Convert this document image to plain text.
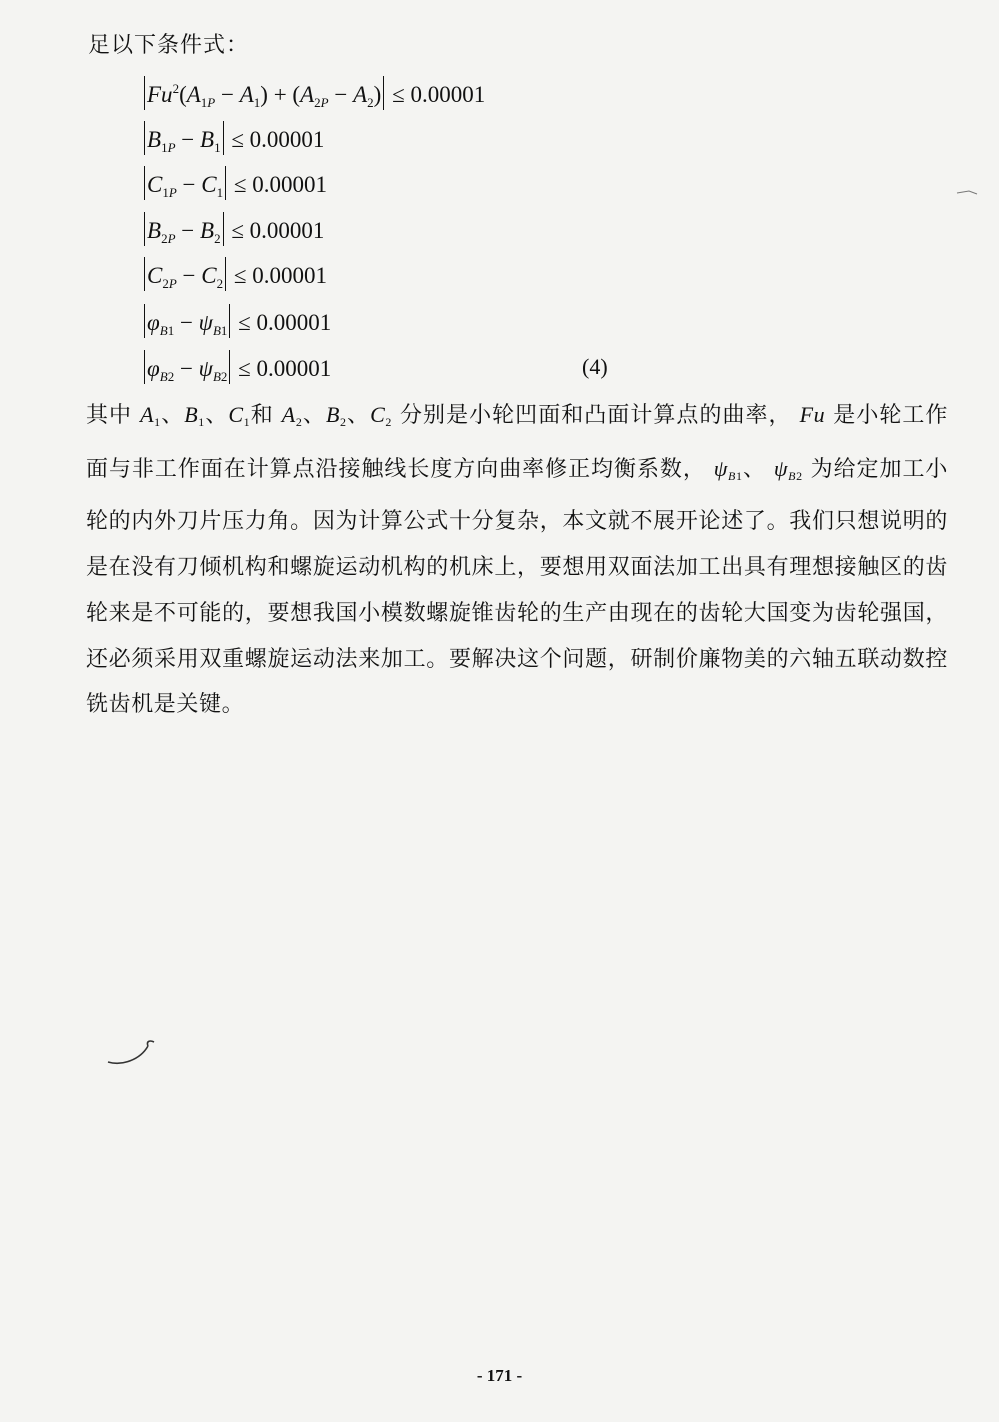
足以下条件式：
$Fu^2(A_{1P} - A_1) + (A_{2P} - A_2) \le 0.00001$
$B_{1P} - B_1 \le 0.00001$
$C_{1P} - C_1 \le 0.00001$
$B_{2P} - B_2 \le 0.00001$
$C_{2P} - C_2 \le 0.00001$
$\varphi_{B1} - \psi_{B1} \le 0.00001$
$\varphi_{B2} - \psi_{B2} \le 0.00001$	(4)
其中 $A_1$、$B_1$、$C_1$和 $A_2$、$B_2$、$C_2$ 分别是小轮凹面和凸面计算点的曲率， Fu 是小轮工作面与非工作面在计算点沿接触线长度方向曲率修正均衡系数， $\psi_{B1}$、 $\psi_{B2}$ 为给定加工小轮的内外刀片压力角。因为计算公式十分复杂，本文就不展开论述了。我们只想说明的是在没有刀倾机构和螺旋运动机构的机床上，要想用双面法加工出具有理想接触区的齿轮来是不可能的，要想我国小模数螺旋锥齿轮的生产由现在的齿轮大国变为齿轮强国，还必须采用双重螺旋运动法来加工。要解决这个问题，研制价廉物美的六轴五联动数控铣齿机是关键。
- 171 -
